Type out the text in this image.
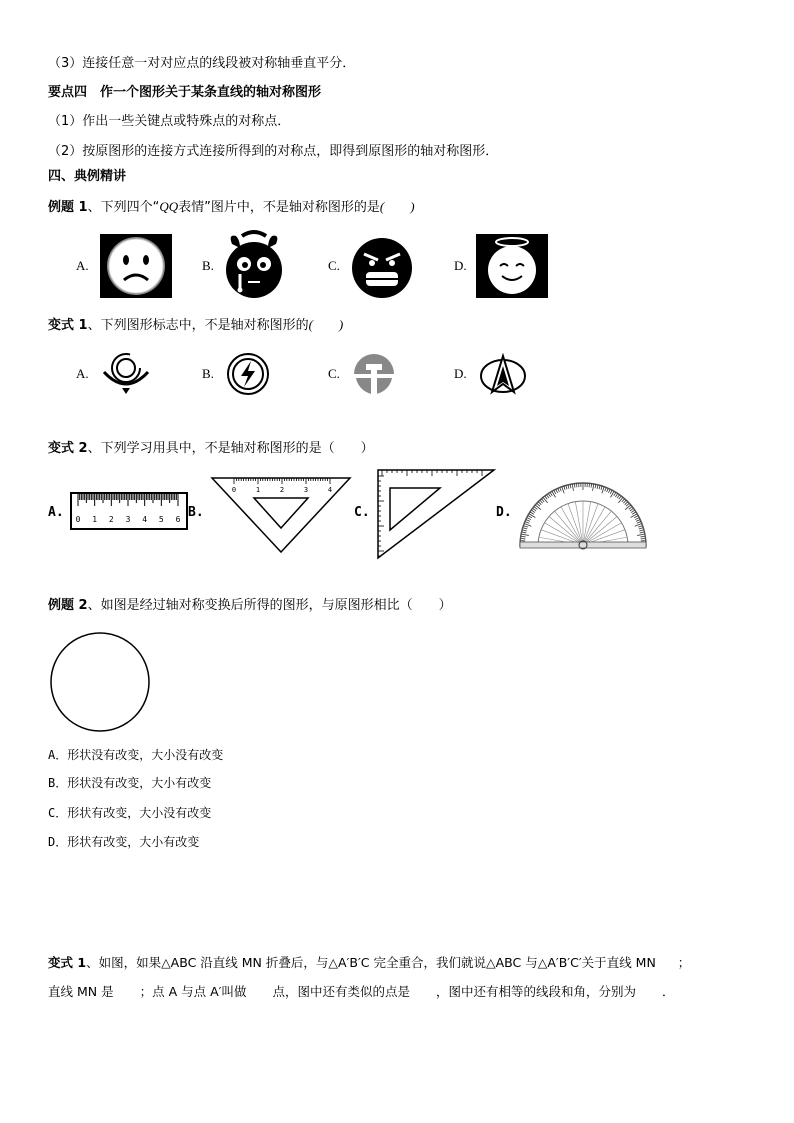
（3）连接任意一对对应点的线段被对称轴垂直平分．
要点四　作一个图形关于某条直线的轴对称图形
（1）作出一些关键点或特殊点的对称点．
（2）按原图形的连接方式连接所得到的对称点，即得到原图形的轴对称图形．
四、典例精讲
例题 1、下列四个“QQ表情”图片中，不是轴对称图形的是(　　)
A.	B.	C.	D.
变式 1、下列图形标志中，不是轴对称图形的(　　)
A.	B.	C.	D.
变式 2、下列学习用具中，不是轴对称图形的是（　　）
A. 0 1 2 3 4 5 6 B.
0	1	2	3	4
C.	D.
例题 2、如图是经过轴对称变换后所得的图形，与原图形相比（　　）
A．形状没有改变，大小没有改变
B．形状没有改变，大小有改变
C．形状有改变，大小没有改变
D．形状有改变，大小有改变
变式 1、如图，如果△ABC 沿直线 MN 折叠后，与△A′B′C 完全重合，我们就说△ABC 与△A′B′C′关于直线 MN ；
直线 MN 是 ；点 A 与点 A′叫做 点，图中还有类似的点是 ，图中还有相等的线段和角，分别为 ．
